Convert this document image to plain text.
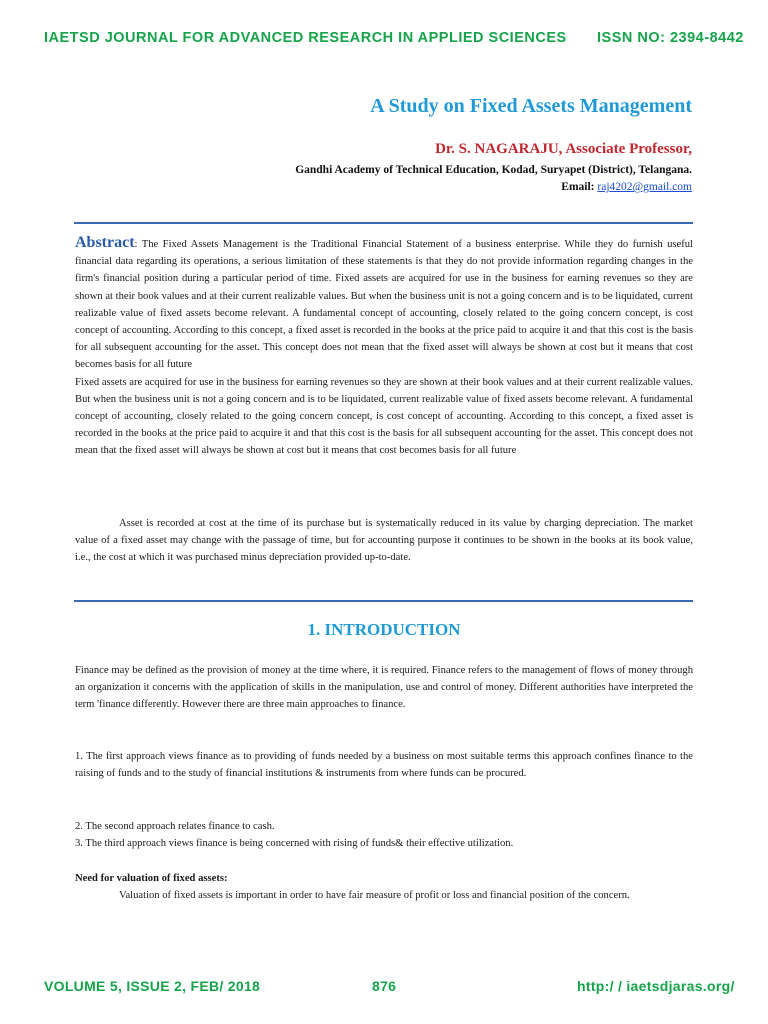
IAETSD JOURNAL FOR ADVANCED RESEARCH IN APPLIED SCIENCES ISSN NO: 2394-8442
A Study on Fixed Assets Management
Dr. S. NAGARAJU, Associate Professor,
Gandhi Academy of Technical Education, Kodad, Suryapet (District), Telangana.
Email: raj4202@gmail.com

Abstract: The Fixed Assets Management is the Traditional Financial Statement of a business enterprise. While they do furnish useful financial data regarding its operations, a serious limitation of these statements is that they do not provide information regarding changes in the firm's financial position during a particular period of time. Fixed assets are acquired for use in the business for earning revenues so they are shown at their book values and at their current realizable values. But when the business unit is not a going concern and is to be liquidated, current realizable value of fixed assets become relevant. A fundamental concept of accounting, closely related to the going concern concept, is cost concept of accounting. According to this concept, a fixed asset is recorded in the books at the price paid to acquire it and that this cost is the basis for all subsequent accounting for the asset. This concept does not mean that the fixed asset will always be shown at cost but it means that cost becomes basis for all future

Fixed assets are acquired for use in the business for earning revenues so they are shown at their book values and at their current realizable values. But when the business unit is not a going concern and is to be liquidated, current realizable value of fixed assets become relevant. A fundamental concept of accounting, closely related to the going concern concept, is cost concept of accounting. According to this concept, a fixed asset is recorded in the books at the price paid to acquire it and that this cost is the basis for all subsequent accounting for the asset. This concept does not mean that the fixed asset will always be shown at cost but it means that cost becomes basis for all future

Asset is recorded at cost at the time of its purchase but is systematically reduced in its value by charging depreciation. The market value of a fixed asset may change with the passage of time, but for accounting purpose it continues to be shown in the books at its book value, i.e., the cost at which it was purchased minus depreciation provided up-to-date.

1. INTRODUCTION

Finance may be defined as the provision of money at the time where, it is required. Finance refers to the management of flows of money through an organization it concerns with the application of skills in the manipulation, use and control of money. Different authorities have interpreted the term 'finance differently. However there are three main approaches to finance.

1. The first approach views finance as to providing of funds needed by a business on most suitable terms this approach confines finance to the raising of funds and to the study of financial institutions & instruments from where funds can be procured.

2. The second approach relates finance to cash.

3. The third approach views finance is being concerned with rising of funds& their effective utilization.

Need for valuation of fixed assets:

Valuation of fixed assets is important in order to have fair measure of profit or loss and financial position of the concern.

VOLUME 5, ISSUE 2, FEB/ 2018	876	http:/ / iaetsdjaras.org/
